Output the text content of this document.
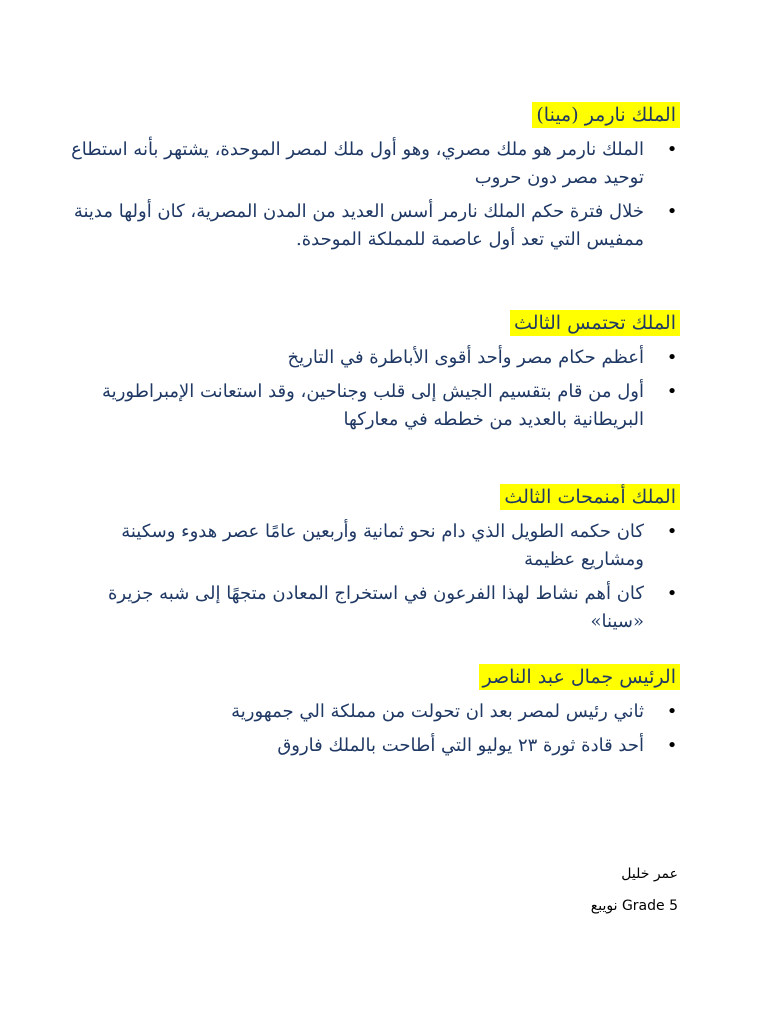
الملك نارمر (مينا)
•
الملك نارمر هو ملك مصري، وهو أول ملك لمصر الموحدة، يشتهر بأنه استطاع توحيد مصر دون حروب
•
خلال فترة حكم الملك نارمر أسس العديد من المدن المصرية، كان أولها مدينة ممفيس التي تعد أول عاصمة للمملكة الموحدة.
الملك تحتمس الثالث
•
أعظم حكام مصر وأحد أقوى الأباطرة في التاريخ
•
أول من قام بتقسيم الجيش إلى قلب وجناحين، وقد استعانت الإمبراطورية البريطانية بالعديد من خططه في معاركها
الملك أمنمحات الثالث
•
كان حكمه الطويل الذي دام نحو ثمانية وأربعين عامًا عصر هدوء وسكينة ومشاريع عظيمة
•
كان أهم نشاط لهذا الفرعون في استخراج المعادن متجهًا إلى شبه جزيرة «سينا»
الرئيس جمال عبد الناصر
•
ثاني رئيس لمصر بعد ان تحولت من مملكة الي جمهورية
•
أحد قادة ثورة ٢٣ يوليو التي أطاحت بالملك فاروق
عمر خليل
Grade 5 نويبع
